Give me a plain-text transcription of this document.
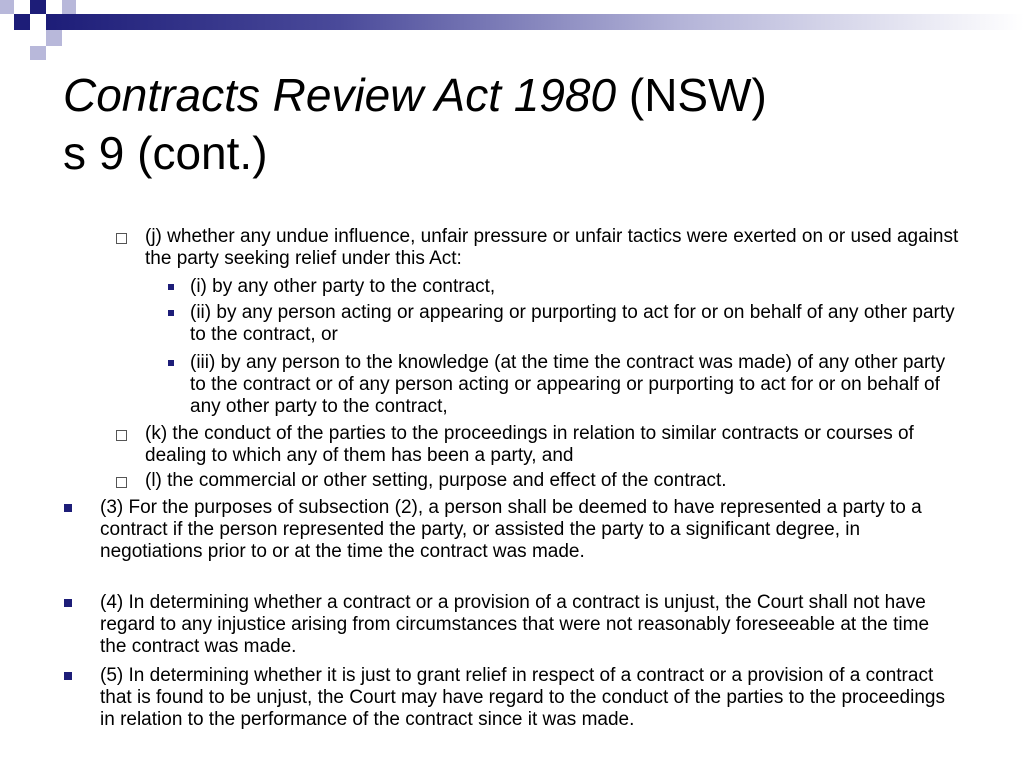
Contracts Review Act 1980 (NSW)
s 9 (cont.)
(j) whether any undue influence, unfair pressure or unfair tactics were exerted on or used against the party seeking relief under this Act:
(i) by any other party to the contract,
(ii) by any person acting or appearing or purporting to act for or on behalf of any other party to the contract, or
(iii) by any person to the knowledge (at the time the contract was made) of any other party to the contract or of any person acting or appearing or purporting to act for or on behalf of any other party to the contract,
(k) the conduct of the parties to the proceedings in relation to similar contracts or courses of dealing to which any of them has been a party, and
(l) the commercial or other setting, purpose and effect of the contract.
(3) For the purposes of subsection (2), a person shall be deemed to have represented a party to a contract if the person represented the party, or assisted the party to a significant degree, in negotiations prior to or at the time the contract was made.
(4) In determining whether a contract or a provision of a contract is unjust, the Court shall not have regard to any injustice arising from circumstances that were not reasonably foreseeable at the time the contract was made.
(5) In determining whether it is just to grant relief in respect of a contract or a provision of a contract that is found to be unjust, the Court may have regard to the conduct of the parties to the proceedings in relation to the performance of the contract since it was made.
